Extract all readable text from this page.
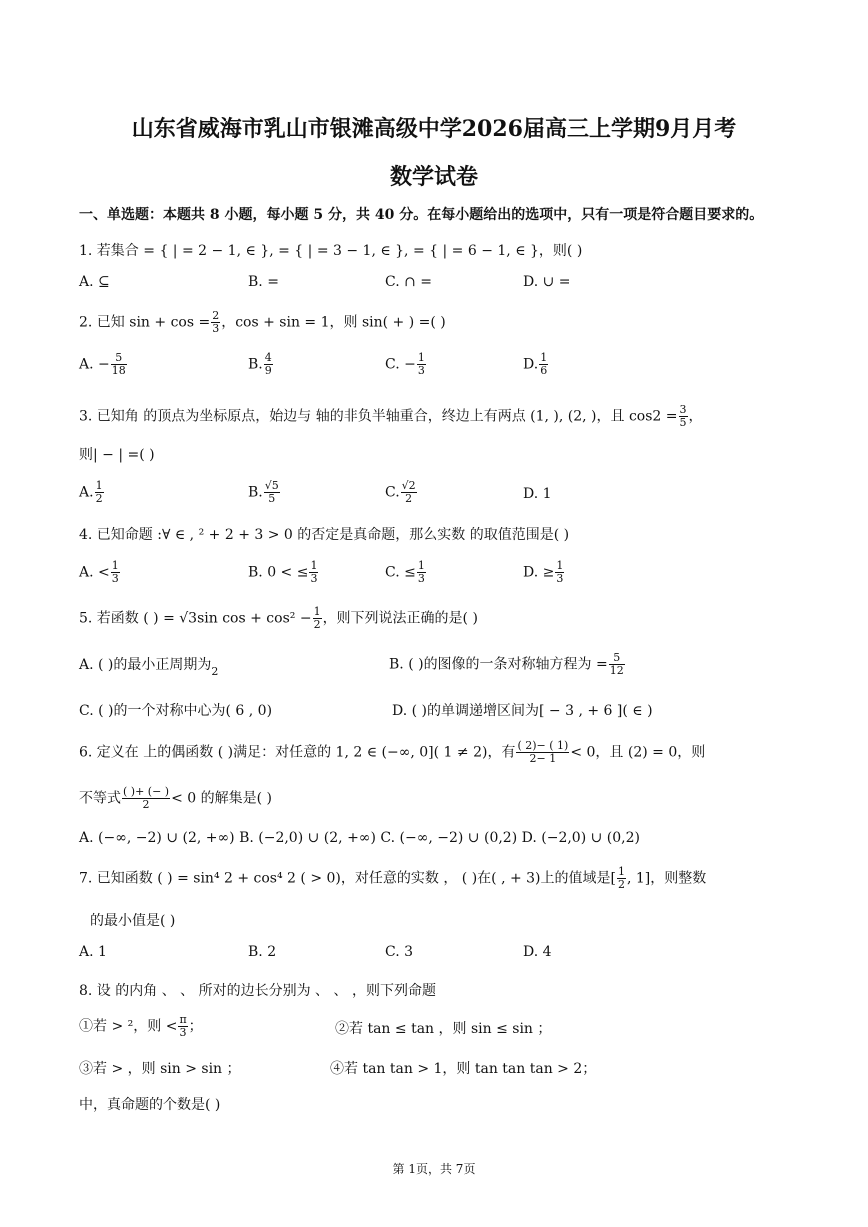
山东省威海市乳山市银滩高级中学2026届高三上学期9月月考
数学试卷
一、单选题：本题共 8 小题，每小题 5 分，共 40 分。在每小题给出的选项中，只有一项是符合题目要求的。
1. 若集合 = { | = 2 − 1, ∈ }, = { | = 3 − 1, ∈ }, = { | = 6 − 1, ∈ }，则( )
A. ⊆	B. =	C. ∩ =	D. ∪ =
2. 已知 $\sin + \cos = \frac{2}{3}$ ，cos + sin = 1，则 sin( + ) =( )
A. − $\frac{5}{18}$	B. $\frac{4}{9}$	C. − $\frac{1}{3}$	D. $\frac{1}{6}$
3. 已知角 的顶点为坐标原点，始边与 轴的非负半轴重合，终边上有两点 (1, ), (2, )，且 $\cos 2 = \frac{3}{5}$ ，
则| − | =( )
A. $\frac{1}{2}$	B. $\frac{√5}{5}$	C. $\frac{√2}{2}$	D. 1
4. 已知命题 :∀ ∈ , ² + 2 + 3 > 0 的否定是真命题，那么实数 的取值范围是( )
A. < $\frac{1}{3}$	B. 0 < ≤ $\frac{1}{3}$	C. ≤ $\frac{1}{3}$	D. ≥ $\frac{1}{3}$
5. 若函数 ( ) = √3sin $\cos + \cos^2 - \frac{1}{2}$ ，则下列说法正确的是( )
A. ( )的最小正周期为$_2$	B. ( )的图像的一条对称轴方程为 = $\frac{5}{12}$
C. ( )的一个对称中心为( 6 , 0)	D. ( )的单调递增区间为[ − 3 , + 6 ]( ∈ )
6. 定义在 上的偶函数 ( )满足：对任意的 1, 2 ∈ (−∞, 0]( 1 ≠ 2)，有 $\frac{( 2)- ( 1)}{2- 1} < 0$，且 (2) = 0，则
不等式 $\frac{( )+ (- )}{2} < 0$ 的解集是( )
A. (−∞, −2) ∪ (2, +∞) B. (−2,0) ∪ (2, +∞) C. (−∞, −2) ∪ (0,2) D. (−2,0) ∪ (0,2)
7. 已知函数 ( ) = sin⁴ 2 + cos⁴ 2 ( > 0)，对任意的实数 ， ( )在( , + 3)上的值域是[ $\frac{1}{2}$ , 1]，则整数
的最小值是( )
A. 1	B. 2	C. 3	D. 4
8. 设 的内角 、 、 所对的边长分别为 、 、 ，则下列命题
①若 > ²，则 < $\frac{\pi}{3}$ ；	②若 tan ≤ tan ，则 sin ≤ sin ；
③若 > ，则 sin > sin ；	④若 tan tan > 1，则 tan tan tan > 2；
中，真命题的个数是( )
第 1页，共 7页
